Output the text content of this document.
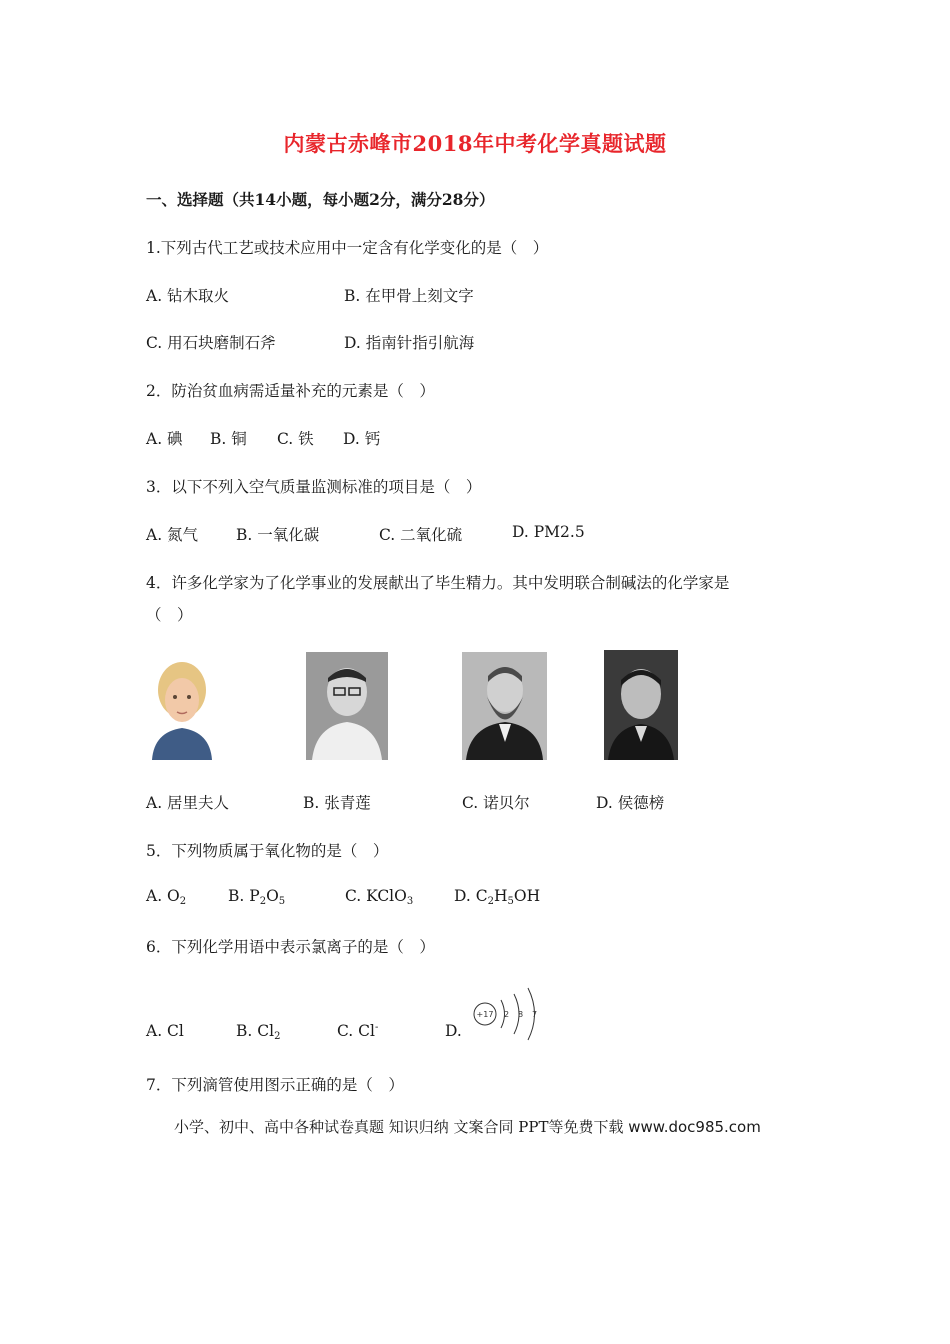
内蒙古赤峰市2018年中考化学真题试题
一、选择题（共14小题，每小题2分，满分28分）
1.下列古代工艺或技术应用中一定含有化学变化的是（　）
A. 钻木取火	B. 在甲骨上刻文字
C. 用石块磨制石斧	D. 指南针指引航海
2．防治贫血病需适量补充的元素是（　）
A. 碘 B. 铜 C. 铁 D. 钙
3．以下不列入空气质量监测标准的项目是（　）
A. 氮气 B. 一氧化碳	C. 二氧化硫	D. PM2.5
4．许多化学家为了化学事业的发展献出了毕生精力。其中发明联合制碱法的化学家是
（　）
A. 居里夫人	B. 张青莲	C. 诺贝尔	D. 侯德榜
5．下列物质属于氧化物的是（　）
A. $O_2$	B. $P_2O_5$	C. KClO$_3$	D. $C_2H_5OH$
6．下列化学用语中表示氯离子的是（　）
A. Cl	B. $Cl_2$	C. Cl-	D.
+17 2 8 7
7．下列滴管使用图示正确的是（　）
小学、初中、高中各种试卷真题 知识归纳 文案合同 PPT等免费下载 www.doc985.com
